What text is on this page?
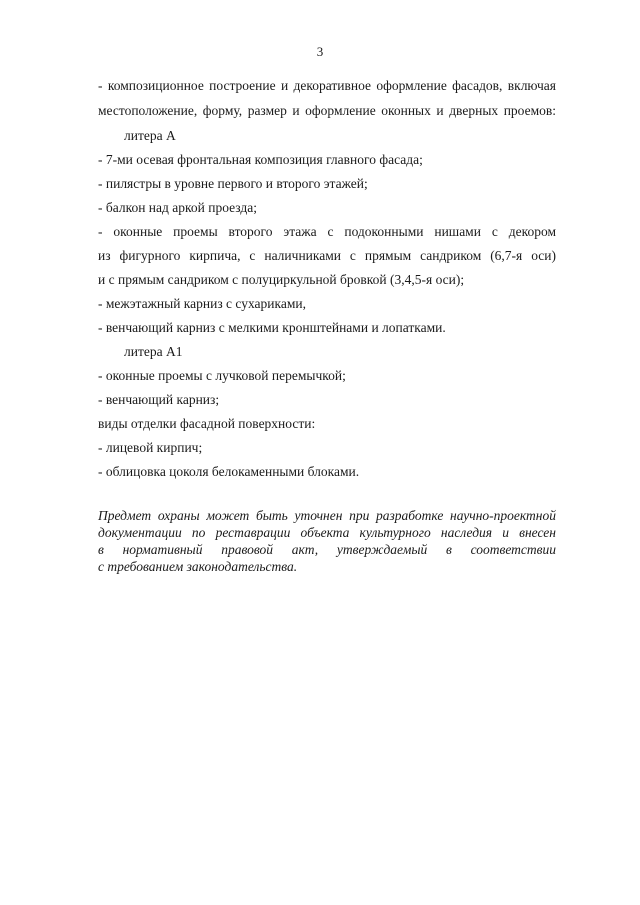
3
- композиционное построение и декоративное оформление фасадов, включая
местоположение, форму, размер и оформление оконных и дверных проемов:
литера А
- 7-ми осевая фронтальная композиция главного фасада;
- пилястры в уровне первого и второго этажей;
- балкон над аркой проезда;
- оконные проемы второго этажа с подоконными нишами с декором
из фигурного кирпича, с наличниками с прямым сандриком (6,7-я оси)
и с прямым сандриком с полуциркульной бровкой (3,4,5-я оси);
- межэтажный карниз с сухариками,
- венчающий карниз с мелкими кронштейнами и лопатками.
литера А1
- оконные проемы с лучковой перемычкой;
- венчающий карниз;
виды отделки фасадной поверхности:
- лицевой кирпич;
- облицовка цоколя белокаменными блоками.
Предмет охраны может быть уточнен при разработке научно-проектной
документации по реставрации объекта культурного наследия и внесен
в нормативный правовой акт, утверждаемый в соответствии
с требованием законодательства.
